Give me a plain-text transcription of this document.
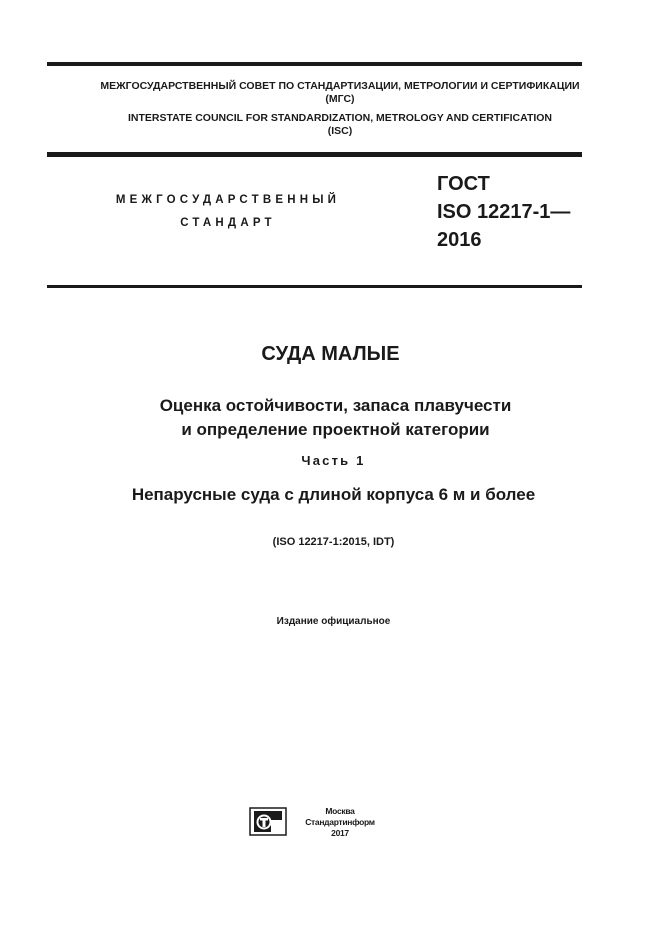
МЕЖГОСУДАРСТВЕННЫЙ СОВЕТ ПО СТАНДАРТИЗАЦИИ, МЕТРОЛОГИИ И СЕРТИФИКАЦИИ
(МГС)
INTERSTATE COUNCIL FOR STANDARDIZATION, METROLOGY AND CERTIFICATION
(ISC)
МЕЖГОСУДАРСТВЕННЫЙ
СТАНДАРТ
ГОСТ
ISO 12217-1—
2016
СУДА МАЛЫЕ
Оценка остойчивости, запаса плавучести
и определение проектной категории
Часть 1
Непарусные суда с длиной корпуса 6 м и более
(ISO 12217-1:2015, IDT)
Издание официальное
Москва
Стандартинформ
2017
